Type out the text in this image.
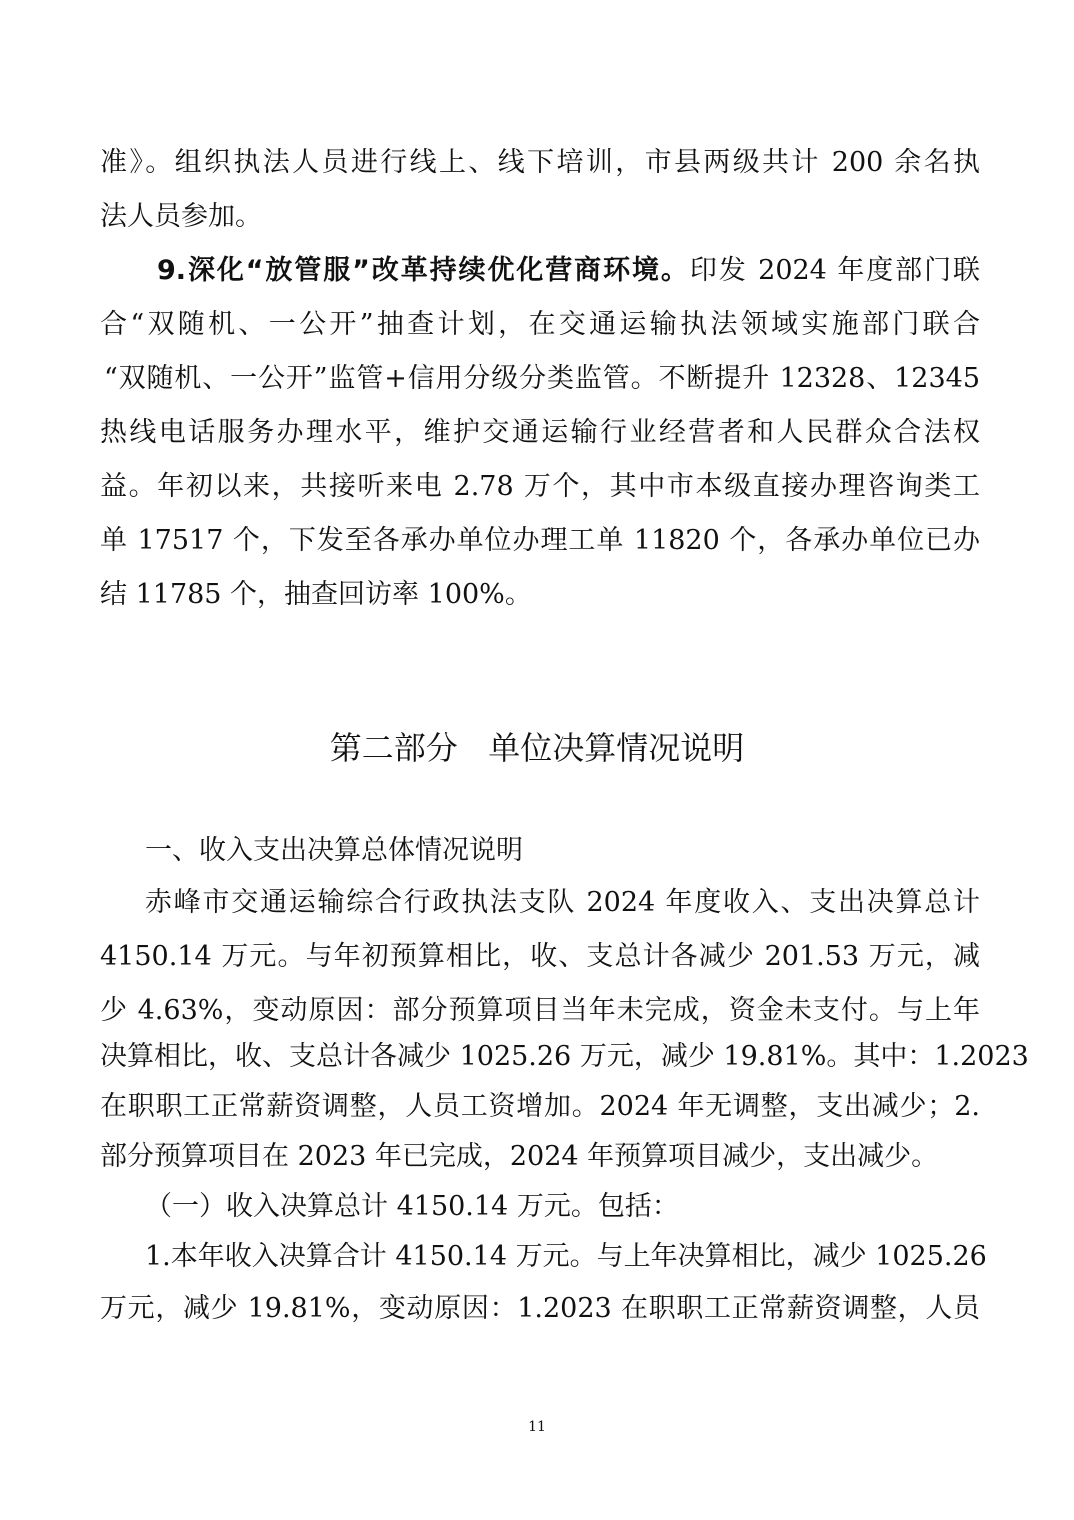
准》。组织执法人员进行线上、线下培训，市县两级共计 200 余名执
法人员参加。
9.深化“放管服”改革持续优化营商环境。印发 2024 年度部门联
合“双随机、一公开”抽查计划，在交通运输执法领域实施部门联合
“双随机、一公开”监管+信用分级分类监管。不断提升 12328、12345
热线电话服务办理水平，维护交通运输行业经营者和人民群众合法权
益。年初以来，共接听来电 2.78 万个，其中市本级直接办理咨询类工
单 17517 个，下发至各承办单位办理工单 11820 个，各承办单位已办
结 11785 个，抽查回访率 100%。
第二部分   单位决算情况说明
一、收入支出决算总体情况说明
赤峰市交通运输综合行政执法支队 2024 年度收入、支出决算总计
4150.14 万元。与年初预算相比，收、支总计各减少 201.53 万元，减
少 4.63%，变动原因：部分预算项目当年未完成，资金未支付。与上年
决算相比，收、支总计各减少 1025.26 万元，减少 19.81%。其中：1.2023
在职职工正常薪资调整，人员工资增加。2024 年无调整，支出减少；2.
部分预算项目在 2023 年已完成，2024 年预算项目减少，支出减少。
（一）收入决算总计 4150.14 万元。包括：
1.本年收入决算合计 4150.14 万元。与上年决算相比，减少 1025.26
万元，减少 19.81%，变动原因：1.2023 在职职工正常薪资调整，人员
11
